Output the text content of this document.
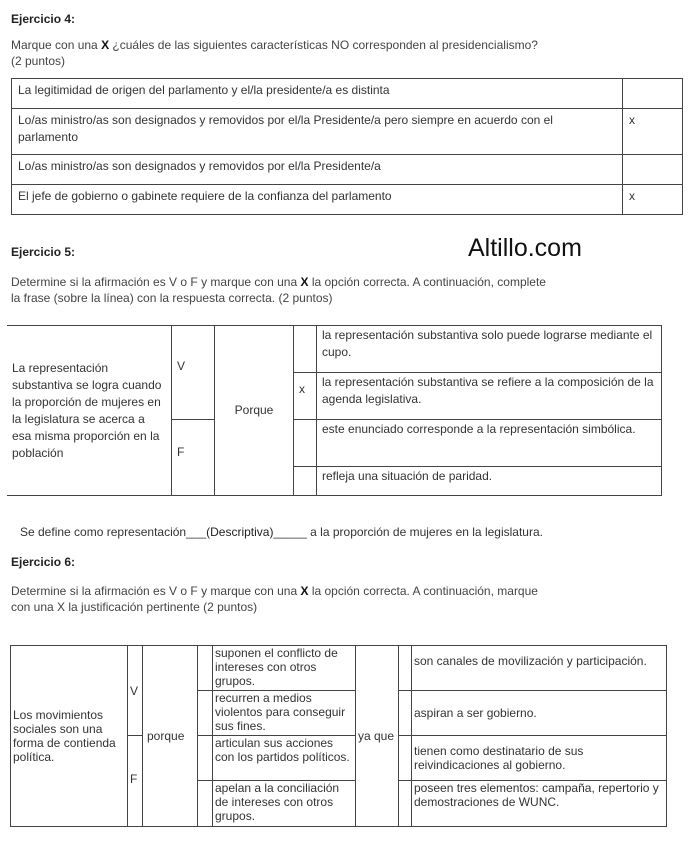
Ejercicio 4:
Marque con una X ¿cuáles de las siguientes características NO corresponden al presidencialismo?
(2 puntos)
La legitimidad de origen del parlamento y el/la presidente/a es distinta	
Lo/as ministro/as son designados y removidos por el/la Presidente/a pero siempre en acuerdo con el parlamento	x
Lo/as ministro/as son designados y removidos por el/la Presidente/a	
El jefe de gobierno o gabinete requiere de la confianza del parlamento	x
Ejercicio 5:	Altillo.com
Determine si la afirmación es V o F y marque con una X la opción correcta. A continuación, complete
la frase (sobre la línea) con la respuesta correcta. (2 puntos)
La representación substantiva se logra cuando la proporción de mujeres en la legislatura se acerca a esa misma proporción en la población	V	Porque		la representación substantiva solo puede lograrse mediante el cupo.
			x	la representación substantiva se refiere a la composición de la agenda legislativa.
	F			este enunciado corresponde a la representación simbólica.
				refleja una situación de paridad.
Se define como representación___(Descriptiva)_____ a la proporción de mujeres en la legislatura.
Ejercicio 6:
Determine si la afirmación es V o F y marque con una X la opción correcta. A continuación, marque
con una X la justificación pertinente (2 puntos)
Los movimientos sociales son una forma de contienda política.	V	porque		suponen el conflicto de intereses con otros grupos.	ya que		son canales de movilización y participación.
				recurren a medios violentos para conseguir sus fines.			aspiran a ser gobierno.
	F			articulan sus acciones con los partidos políticos.			tienen como destinatario de sus reivindicaciones al gobierno.
				apelan a la conciliación de intereses con otros grupos.			poseen tres elementos: campaña, repertorio y demostraciones de WUNC.
